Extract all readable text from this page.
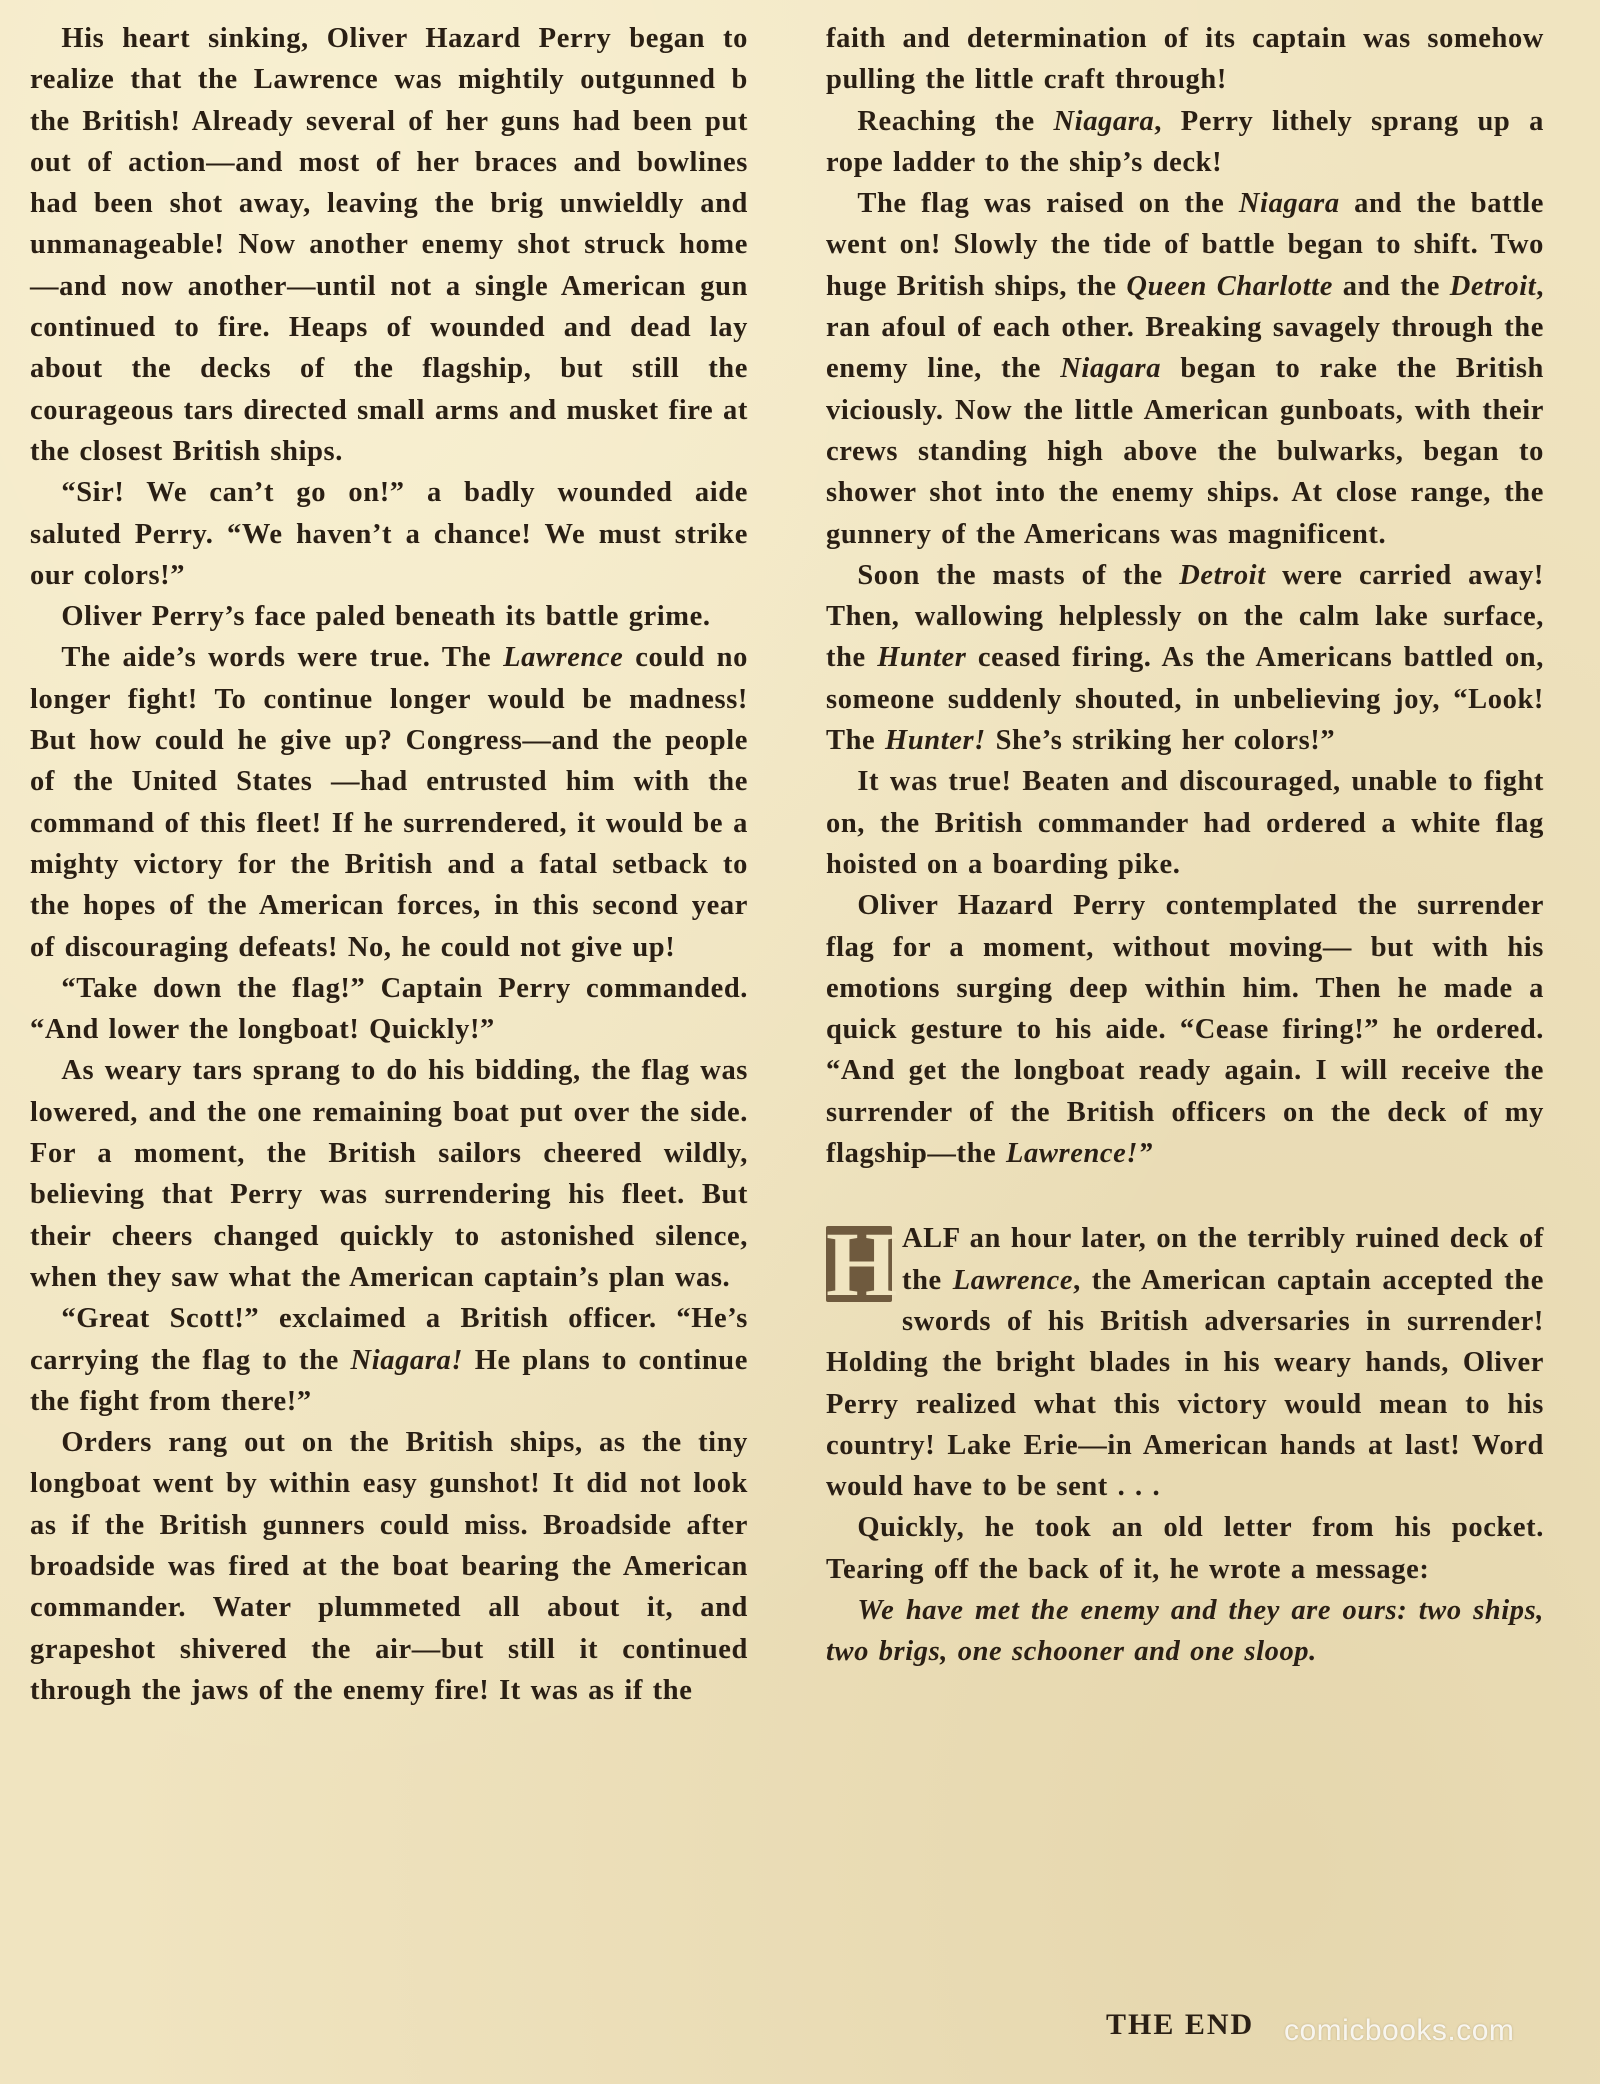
His heart sinking, Oliver Hazard Perry began to realize that the Lawrence was mightily outgunned b the British! Already several of her guns had been put out of action—and most of her braces and bowlines had been shot away, leaving the brig unwieldly and unmanageable! Now another enemy shot struck home —and now another—until not a single American gun continued to fire. Heaps of wounded and dead lay about the decks of the flagship, but still the courageous tars directed small arms and musket fire at the closest British ships.

“Sir! We can’t go on!” a badly wounded aide saluted Perry. “We haven’t a chance! We must strike our colors!”

Oliver Perry’s face paled beneath its battle grime.

The aide’s words were true. The Lawrence could no longer fight! To continue longer would be madness! But how could he give up? Congress—and the people of the United States —had entrusted him with the command of this fleet! If he surrendered, it would be a mighty victory for the British and a fatal setback to the hopes of the American forces, in this second year of discouraging defeats! No, he could not give up!

“Take down the flag!” Captain Perry commanded. “And lower the longboat! Quickly!”

As weary tars sprang to do his bidding, the flag was lowered, and the one remaining boat put over the side. For a moment, the British sailors cheered wildly, believing that Perry was surrendering his fleet. But their cheers changed quickly to astonished silence, when they saw what the American captain’s plan was.

“Great Scott!” exclaimed a British officer. “He’s carrying the flag to the Niagara! He plans to continue the fight from there!”

Orders rang out on the British ships, as the tiny longboat went by within easy gunshot! It did not look as if the British gunners could miss. Broadside after broadside was fired at the boat bearing the American commander. Water plummeted all about it, and grapeshot shivered the air—but still it continued through the jaws of the enemy fire! It was as if the

faith and determination of its captain was somehow pulling the little craft through!

Reaching the Niagara, Perry lithely sprang up a rope ladder to the ship’s deck!

The flag was raised on the Niagara and the battle went on! Slowly the tide of battle began to shift. Two huge British ships, the Queen Charlotte and the Detroit, ran afoul of each other. Breaking savagely through the enemy line, the Niagara began to rake the British viciously. Now the little American gunboats, with their crews standing high above the bulwarks, began to shower shot into the enemy ships. At close range, the gunnery of the Americans was magnificent.

Soon the masts of the Detroit were carried away! Then, wallowing helplessly on the calm lake surface, the Hunter ceased firing. As the Americans battled on, someone suddenly shouted, in unbelieving joy, “Look! The Hunter! She’s striking her colors!”

It was true! Beaten and discouraged, unable to fight on, the British commander had ordered a white flag hoisted on a boarding pike.

Oliver Hazard Perry contemplated the surrender flag for a moment, without moving— but with his emotions surging deep within him. Then he made a quick gesture to his aide. “Cease firing!” he ordered. “And get the longboat ready again. I will receive the surrender of the British officers on the deck of my flagship—the Lawrence!”

H ALF an hour later, on the terribly ruined deck of the Lawrence, the American captain accepted the swords of his British adversaries in surrender! Holding the bright blades in his weary hands, Oliver Perry realized what this victory would mean to his country! Lake Erie—in American hands at last! Word would have to be sent . . .

Quickly, he took an old letter from his pocket. Tearing off the back of it, he wrote a message:

We have met the enemy and they are ours: two ships, two brigs, one schooner and one sloop.

THE END comicbooks.com
